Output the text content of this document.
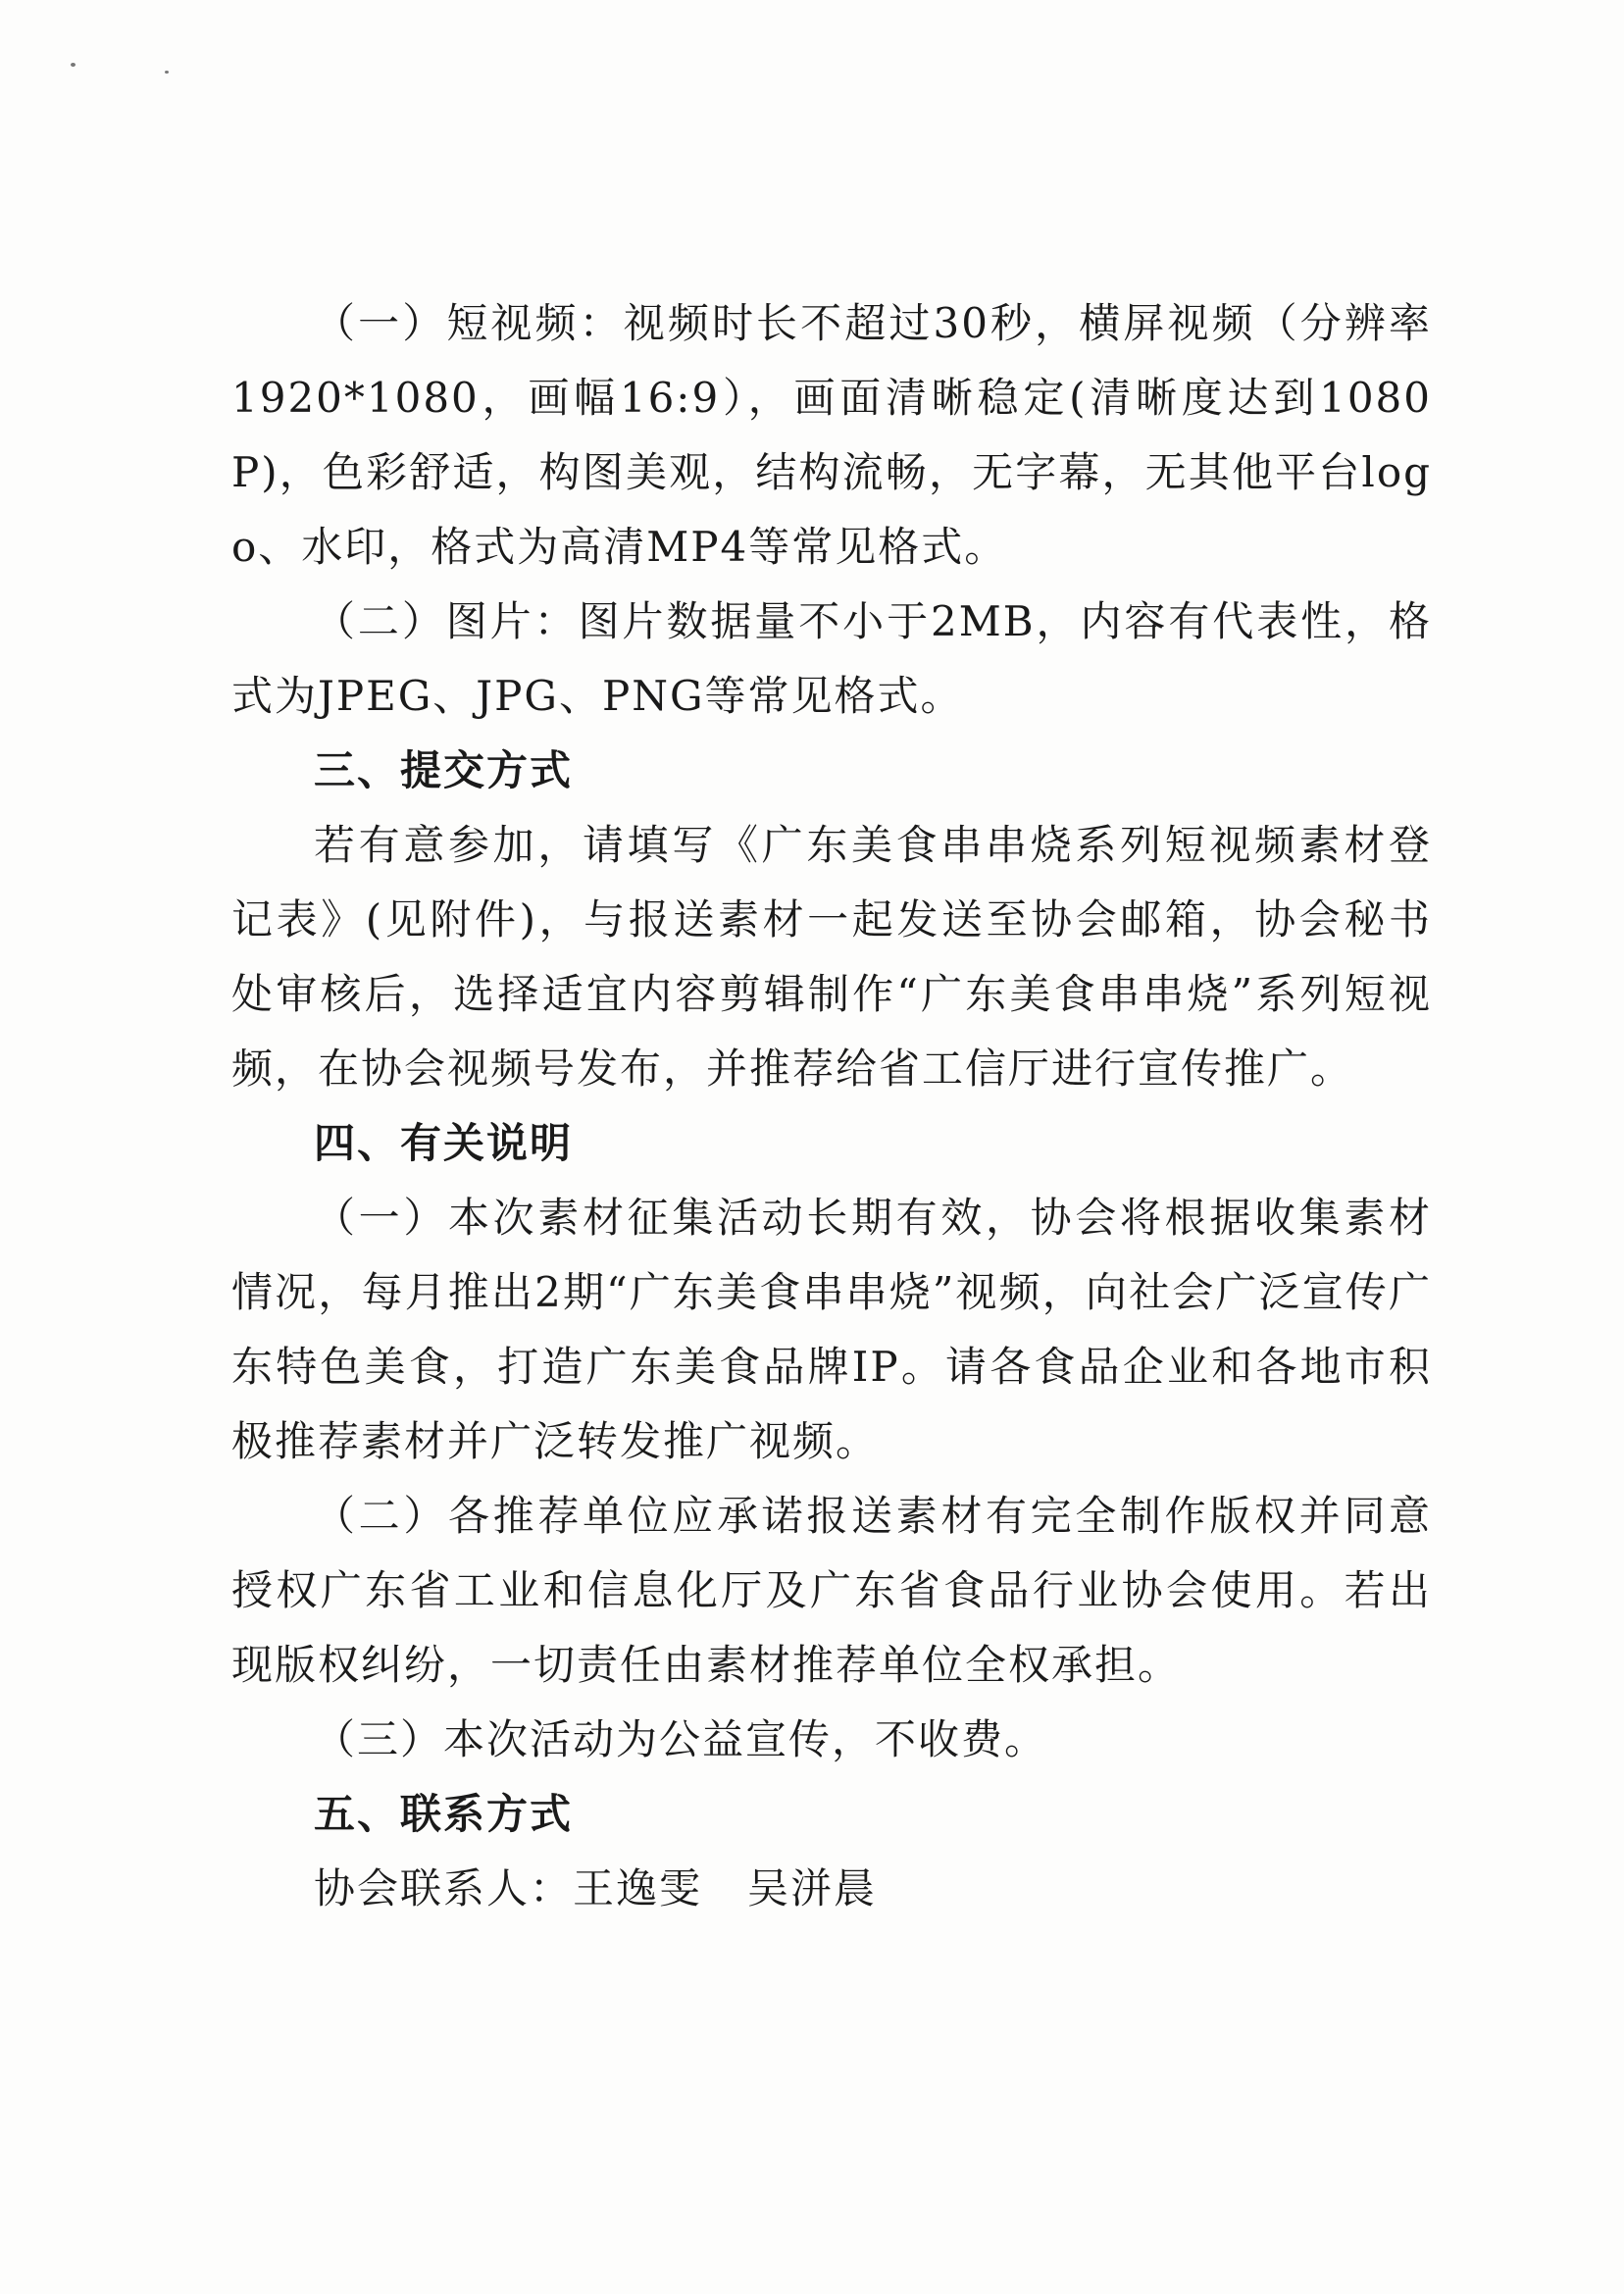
（一）短视频：视频时长不超过30秒，横屏视频（分辨率1920*1080，画幅16:9），画面清晰稳定(清晰度达到1080P)，色彩舒适，构图美观，结构流畅，无字幕，无其他平台logo、水印，格式为高清MP4等常见格式。

（二）图片：图片数据量不小于2MB，内容有代表性，格式为JPEG、JPG、PNG等常见格式。

三、提交方式

若有意参加，请填写《广东美食串串烧系列短视频素材登记表》(见附件)，与报送素材一起发送至协会邮箱，协会秘书处审核后，选择适宜内容剪辑制作“广东美食串串烧”系列短视频，在协会视频号发布，并推荐给省工信厅进行宣传推广。

四、有关说明

（一）本次素材征集活动长期有效，协会将根据收集素材情况，每月推出2期“广东美食串串烧”视频，向社会广泛宣传广东特色美食，打造广东美食品牌IP。请各食品企业和各地市积极推荐素材并广泛转发推广视频。

（二）各推荐单位应承诺报送素材有完全制作版权并同意授权广东省工业和信息化厅及广东省食品行业协会使用。若出现版权纠纷，一切责任由素材推荐单位全权承担。

（三）本次活动为公益宣传，不收费。

五、联系方式

协会联系人：王逸雯 吴洴晨
